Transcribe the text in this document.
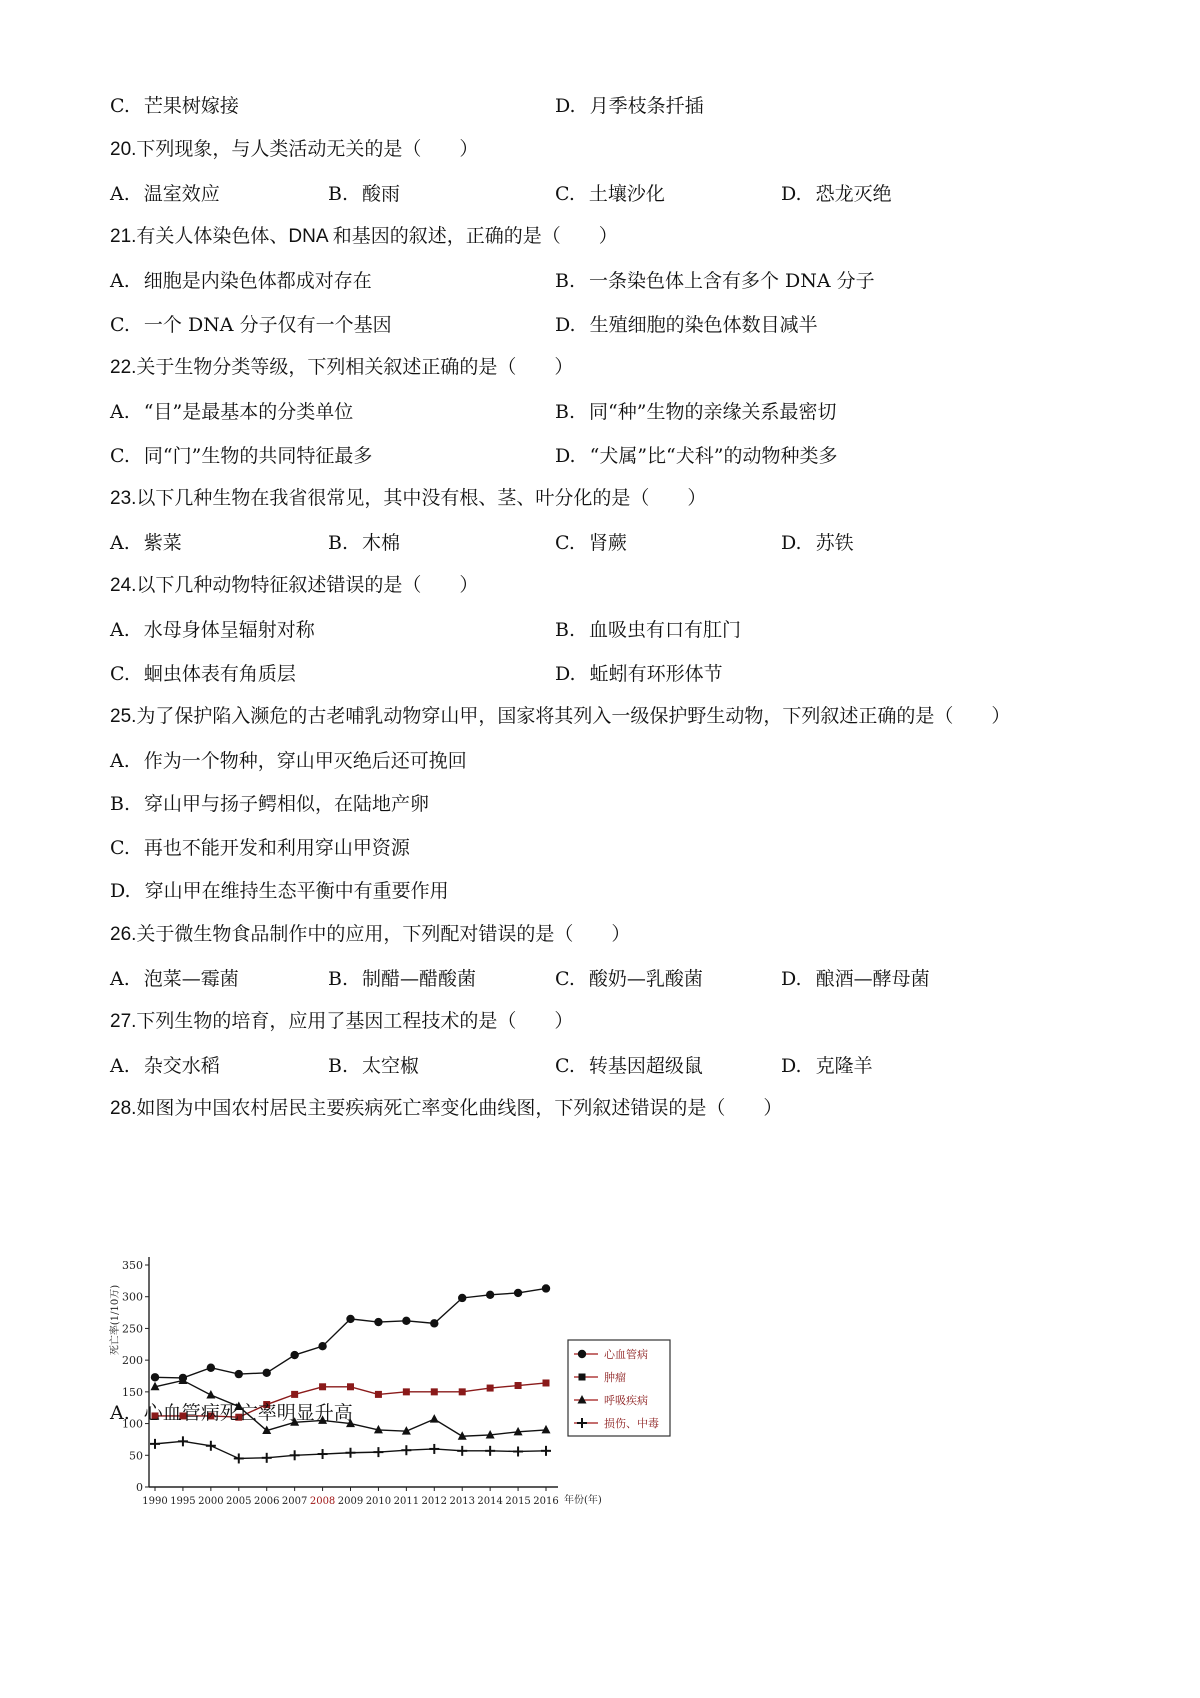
C. 芒果树嫁接	D. 月季枝条扦插
20.下列现象，与人类活动无关的是（　　）
A. 温室效应	B. 酸雨	C. 土壤沙化	D. 恐龙灭绝
21.有关人体染色体、DNA 和基因的叙述，正确的是（　　）
A. 细胞是内染色体都成对存在	B. 一条染色体上含有多个 DNA 分子
C. 一个 DNA 分子仅有一个基因	D. 生殖细胞的染色体数目减半
22.关于生物分类等级，下列相关叙述正确的是（　　）
A. “目”是最基本的分类单位	B. 同“种”生物的亲缘关系最密切
C. 同“门”生物的共同特征最多	D. “犬属”比“犬科”的动物种类多
23.以下几种生物在我省很常见，其中没有根、茎、叶分化的是（　　）
A. 紫菜	B. 木棉	C. 肾蕨	D. 苏铁
24.以下几种动物特征叙述错误的是（　　）
A. 水母身体呈辐射对称	B. 血吸虫有口有肛门
C. 蛔虫体表有角质层	D. 蚯蚓有环形体节
25.为了保护陷入濒危的古老哺乳动物穿山甲，国家将其列入一级保护野生动物，下列叙述正确的是（　　）
A. 作为一个物种，穿山甲灭绝后还可挽回
B. 穿山甲与扬子鳄相似，在陆地产卵
C. 再也不能开发和利用穿山甲资源
D. 穿山甲在维持生态平衡中有重要作用
26.关于微生物食品制作中的应用，下列配对错误的是（　　）
A. 泡菜—霉菌	B. 制醋—醋酸菌	C. 酸奶—乳酸菌	D. 酿酒—酵母菌
27.下列生物的培育，应用了基因工程技术的是（　　）
A. 杂交水稻	B. 太空椒	C. 转基因超级鼠	D. 克隆羊
28.如图为中国农村居民主要疾病死亡率变化曲线图，下列叙述错误的是（　　）
0
50
100
150
200
250
300
350
死亡率(1/10万)
1990 1995 2000 2005 2006 2007 2008 2009 2010 2011 2012 2013 2014 2015 2016 年份(年)
心血管病
肿瘤
呼吸疾病
损伤、中毒
A. 心血管病死亡率明显升高
